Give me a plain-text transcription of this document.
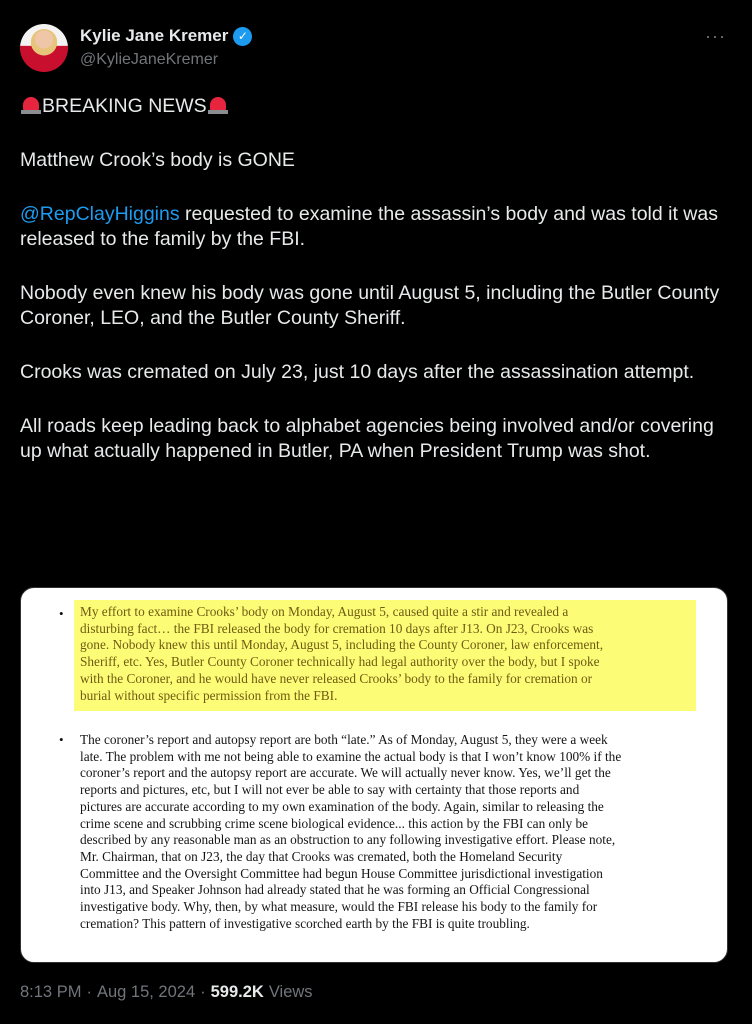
Kylie Jane Kremer ✓
@KylieJaneKremer
···

BREAKING NEWS

Matthew Crook’s body is GONE

@RepClayHiggins requested to examine the assassin’s body and was told it was released to the family by the FBI.

Nobody even knew his body was gone until August 5, including the Butler County Coroner, LEO, and the Butler County Sheriff.

Crooks was cremated on July 23, just 10 days after the assassination attempt.

All roads keep leading back to alphabet agencies being involved and/or covering up what actually happened in Butler, PA when President Trump was shot.

• My effort to examine Crooks’ body on Monday, August 5, caused quite a stir and revealed a

disturbing fact… the FBI released the body for cremation 10 days after J13. On J23, Crooks was

gone. Nobody knew this until Monday, August 5, including the County Coroner, law enforcement,

Sheriff, etc. Yes, Butler County Coroner technically had legal authority over the body, but I spoke

with the Coroner, and he would have never released Crooks’ body to the family for cremation or

burial without specific permission from the FBI.

• The coroner’s report and autopsy report are both “late.” As of Monday, August 5, they were a week

late. The problem with me not being able to examine the actual body is that I won’t know 100% if the

coroner’s report and the autopsy report are accurate. We will actually never know. Yes, we’ll get the

reports and pictures, etc, but I will not ever be able to say with certainty that those reports and

pictures are accurate according to my own examination of the body. Again, similar to releasing the

crime scene and scrubbing crime scene biological evidence... this action by the FBI can only be

described by any reasonable man as an obstruction to any following investigative effort. Please note,

Mr. Chairman, that on J23, the day that Crooks was cremated, both the Homeland Security

Committee and the Oversight Committee had begun House Committee jurisdictional investigation

into J13, and Speaker Johnson had already stated that he was forming an Official Congressional

investigative body. Why, then, by what measure, would the FBI release his body to the family for

cremation? This pattern of investigative scorched earth by the FBI is quite troubling.

8:13 PM · Aug 15, 2024 · 599.2K Views
